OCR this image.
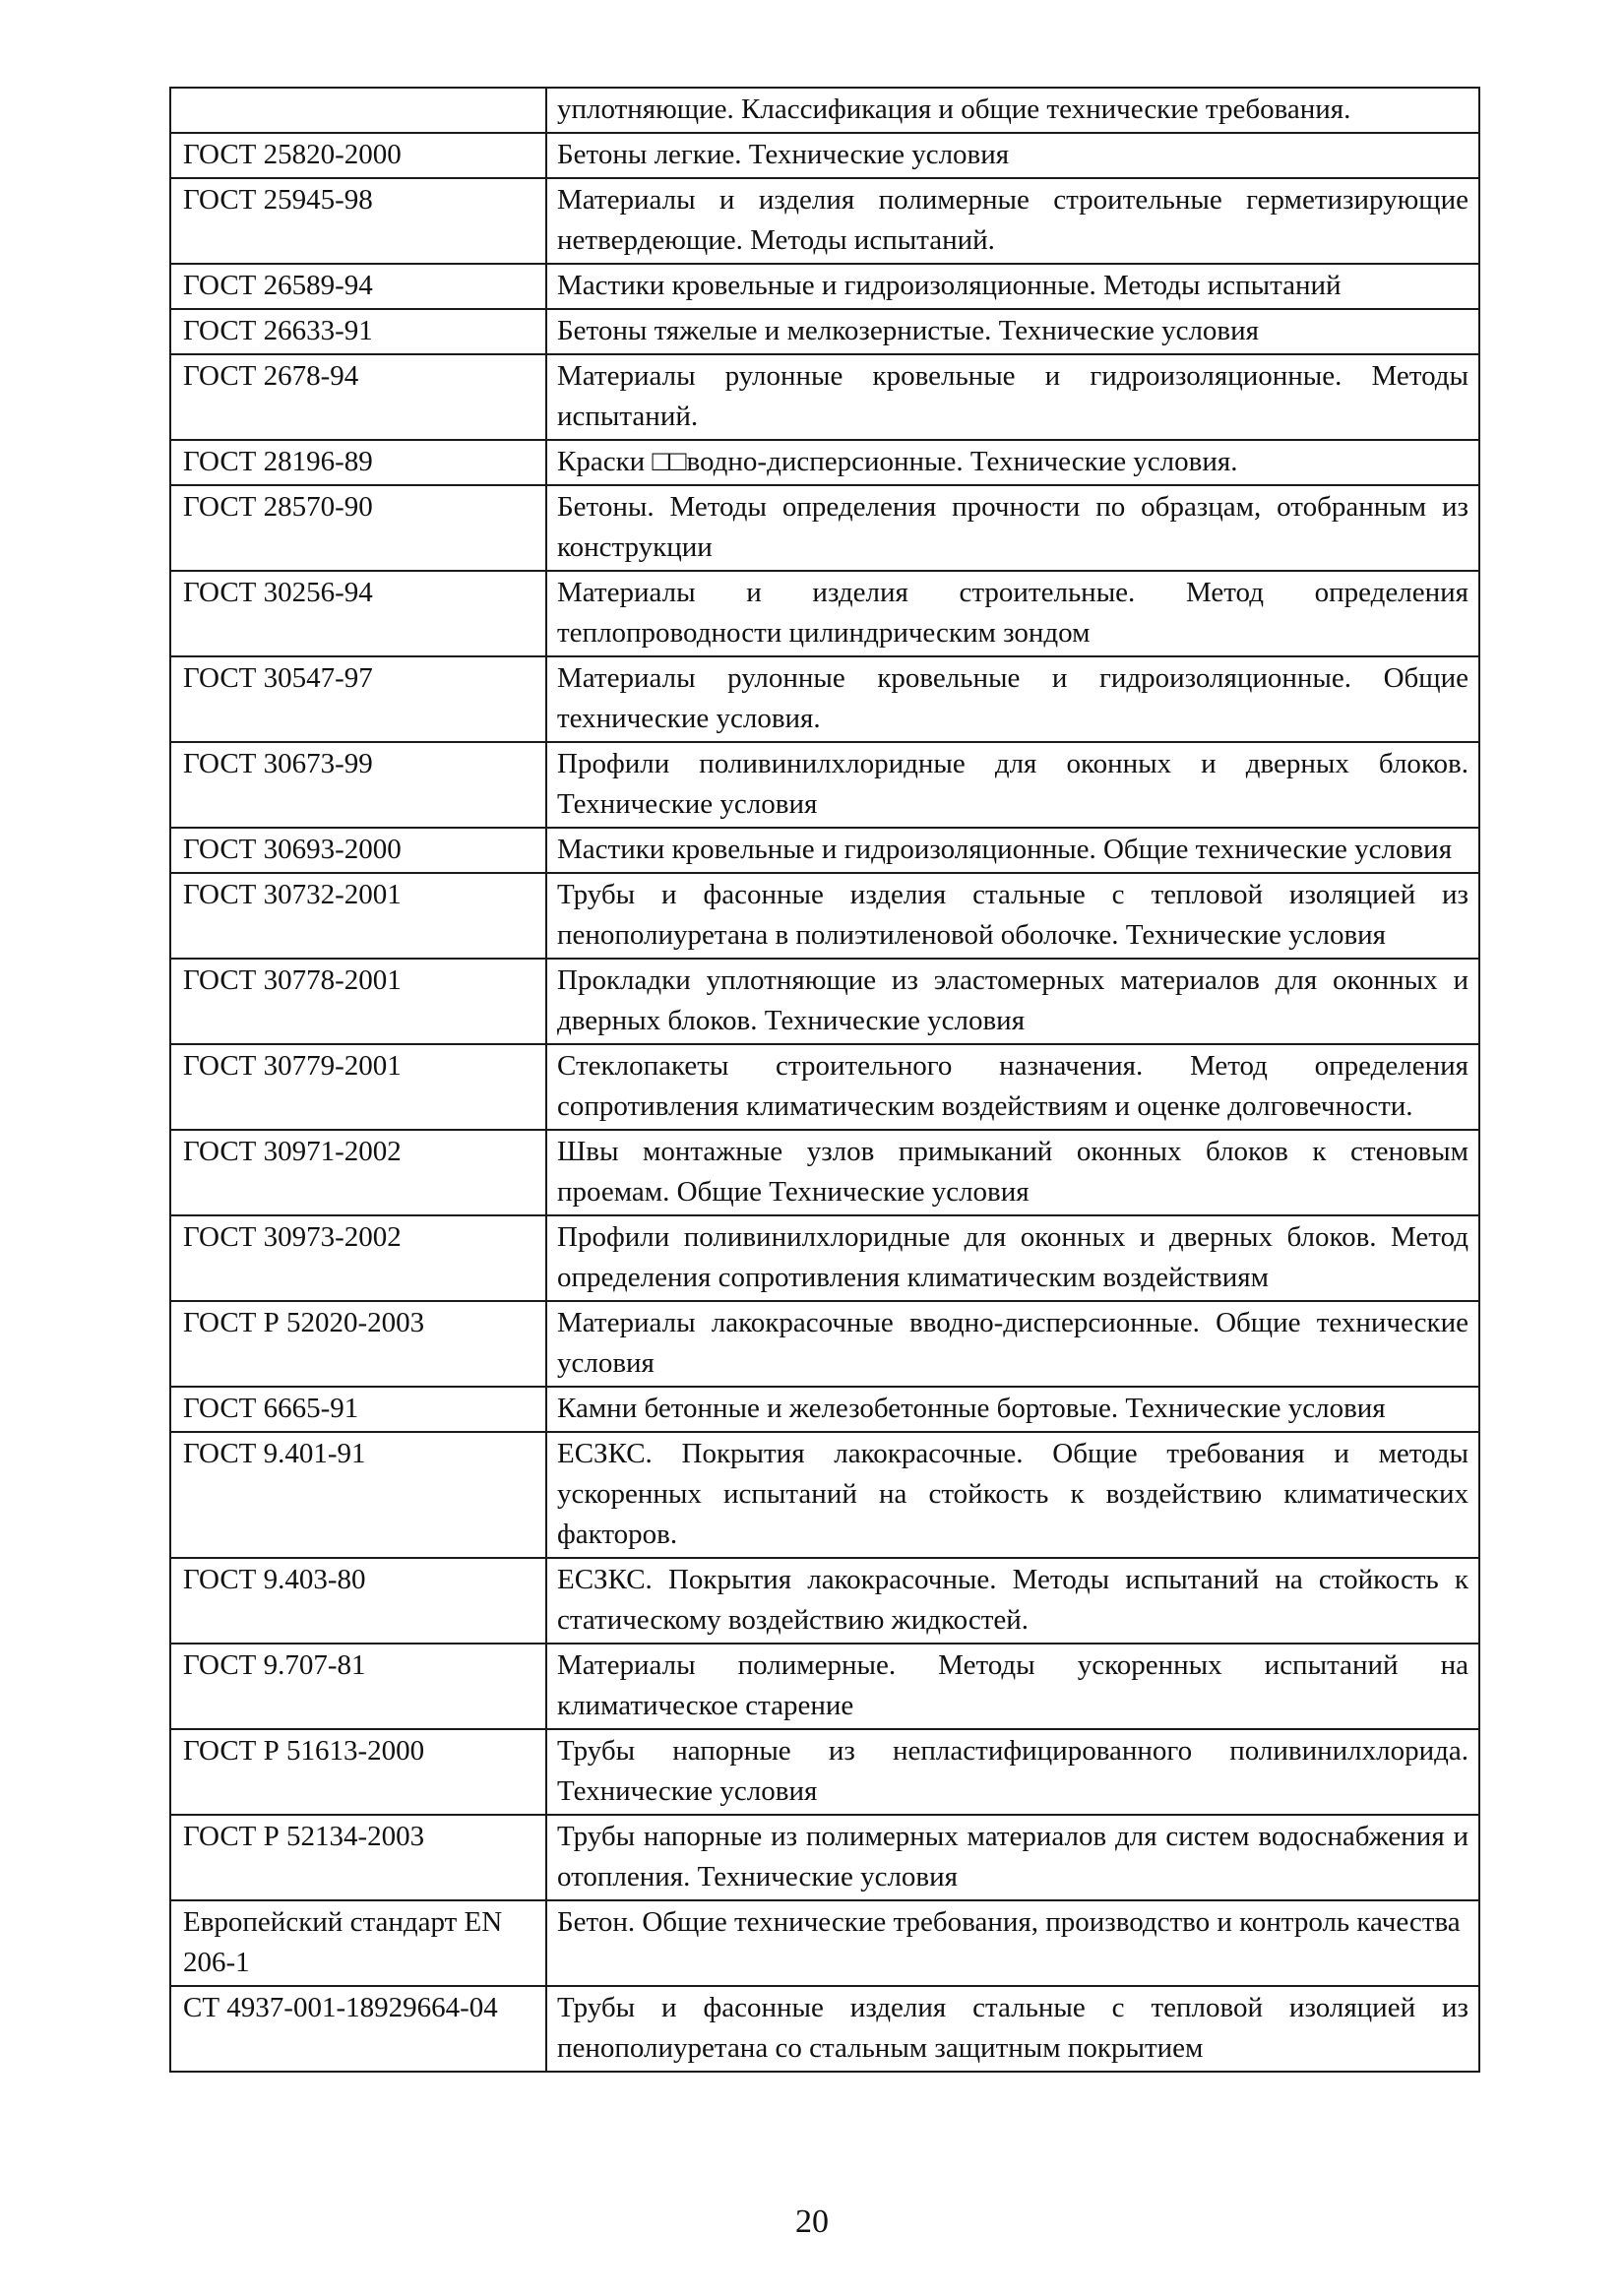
	уплотняющие. Классификация и общие технические требования.
ГОСТ 25820-2000	Бетоны легкие. Технические условия
ГОСТ 25945-98	Материалы и изделия полимерные строительные герметизирующие нетвердеющие. Методы испытаний.
ГОСТ 26589-94	Мастики кровельные и гидроизоляционные. Методы испытаний
ГОСТ 26633-91	Бетоны тяжелые и мелкозернистые. Технические условия
ГОСТ 2678-94	Материалы рулонные кровельные и гидроизоляционные. Методы испытаний.
ГОСТ 28196-89	Краски □□водно-дисперсионные. Технические условия.
ГОСТ 28570-90	Бетоны. Методы определения прочности по образцам, отобранным из конструкции
ГОСТ 30256-94	Материалы и изделия строительные. Метод определения теплопроводности цилиндрическим зондом
ГОСТ 30547-97	Материалы рулонные кровельные и гидроизоляционные. Общие технические условия.
ГОСТ 30673-99	Профили поливинилхлоридные для оконных и дверных блоков. Технические условия
ГОСТ 30693-2000	Мастики кровельные и гидроизоляционные. Общие технические условия
ГОСТ 30732-2001	Трубы и фасонные изделия стальные с тепловой изоляцией из пенополиуретана в полиэтиленовой оболочке. Технические условия
ГОСТ 30778-2001	Прокладки уплотняющие из эластомерных материалов для оконных и дверных блоков. Технические условия
ГОСТ 30779-2001	Стеклопакеты строительного назначения. Метод определения сопротивления климатическим воздействиям и оценке долговечности.
ГОСТ 30971-2002	Швы монтажные узлов примыканий оконных блоков к стеновым проемам. Общие Технические условия
ГОСТ 30973-2002	Профили поливинилхлоридные для оконных и дверных блоков. Метод определения сопротивления климатическим воздействиям
ГОСТ Р 52020-2003	Материалы лакокрасочные вводно-дисперсионные. Общие технические условия
ГОСТ 6665-91	Камни бетонные и железобетонные бортовые. Технические условия
ГОСТ 9.401-91	ЕСЗКС. Покрытия лакокрасочные. Общие требования и методы ускоренных испытаний на стойкость к воздействию климатических факторов.
ГОСТ 9.403-80	ЕСЗКС. Покрытия лакокрасочные. Методы испытаний на стойкость к статическому воздействию жидкостей.
ГОСТ 9.707-81	Материалы полимерные. Методы ускоренных испытаний на климатическое старение
ГОСТ Р 51613-2000	Трубы напорные из непластифицированного поливинилхлорида. Технические условия
ГОСТ Р 52134-2003	Трубы напорные из полимерных материалов для систем водоснабжения и отопления. Технические условия
Европейский стандарт EN 206-1	Бетон. Общие технические требования, производство и контроль качества
СТ 4937-001-18929664-04	Трубы и фасонные изделия стальные с тепловой изоляцией из пенополиуретана со стальным защитным покрытием
20
